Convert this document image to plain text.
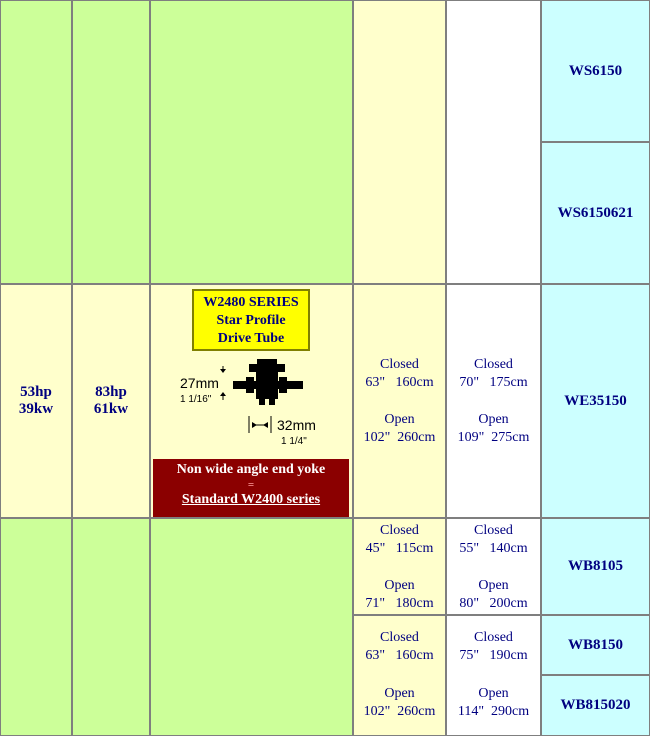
WS6150
WS6150621
53hp
39kw
83hp
61kw
W2480 SERIES
Star Profile
Drive Tube
27mm
1 1/16"
32mm
1 1/4"
Non wide angle end yoke
=
Standard W2400 series
Closed
63"   160cm
Open
102"  260cm
Closed
70"   175cm
Open
109"  275cm
WE35150
Closed
45"   115cm
Open
71"   180cm
Closed
55"   140cm
Open
80"   200cm
WB8105
Closed
63"   160cm
Open
102"  260cm
Closed
75"   190cm
Open
114"  290cm
WB8150
WB815020
